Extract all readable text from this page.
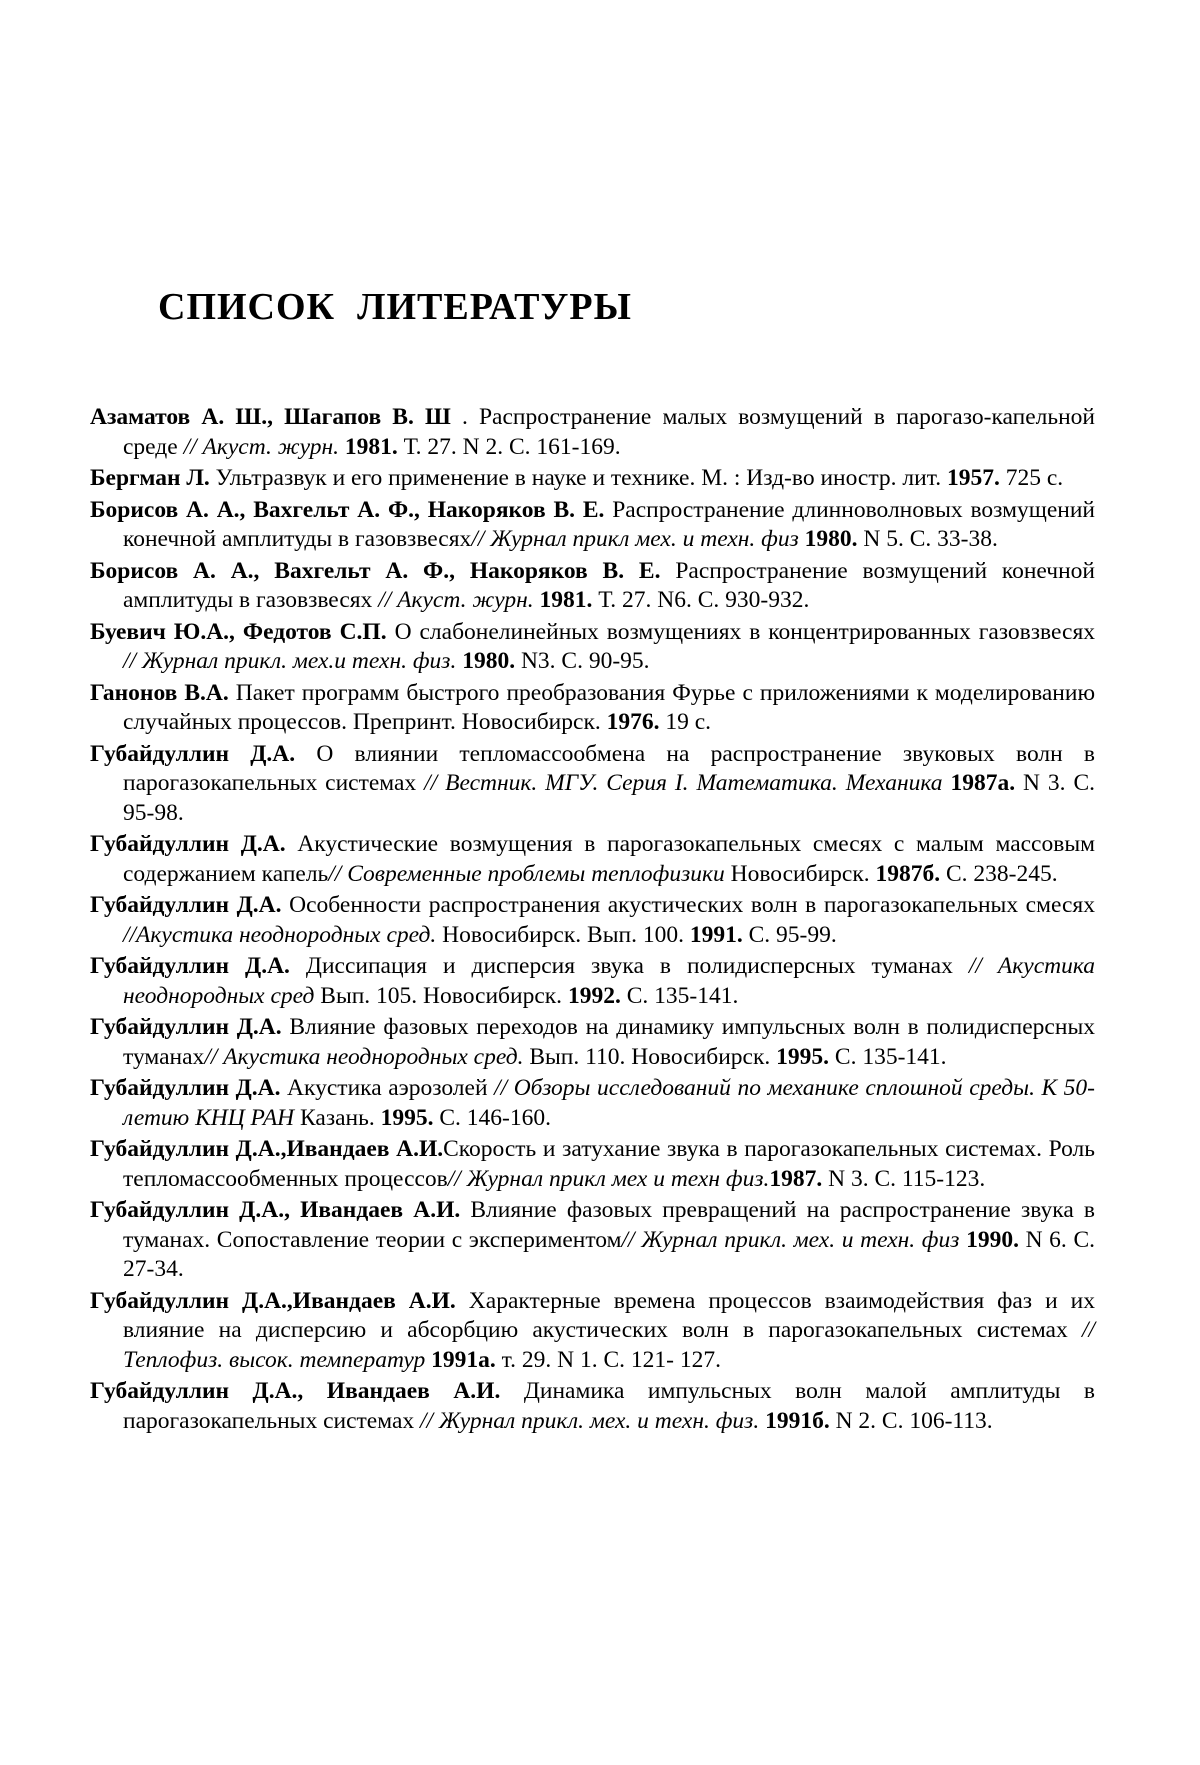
СПИСОК ЛИТЕРАТУРЫ

Азаматов А. Ш., Шагапов В. Ш . Распространение малых возмущений в парогазо-капельной среде // Акуст. журн. 1981. Т. 27. N 2. С. 161-169.

Бергман Л. Ультразвук и его применение в науке и технике. М. : Изд-во иностр. лит. 1957. 725 с.

Борисов А. А., Вахгельт А. Ф., Накоряков В. Е. Распространение длинноволновых возмущений конечной амплитуды в газовзвесях// Журнал прикл мех. и техн. физ 1980. N 5. С. 33-38.

Борисов А. А., Вахгельт А. Ф., Накоряков В. Е. Распространение возмущений конечной амплитуды в газовзвесях // Акуст. журн. 1981. Т. 27. N6. С. 930-932.

Буевич Ю.А., Федотов С.П. О слабонелинейных возмущениях в концентрированных газовзвесях // Журнал прикл. мех.и техн. физ. 1980. N3. С. 90-95.

Ганонов В.А. Пакет программ быстрого преобразования Фурье с приложениями к моделированию случайных процессов. Препринт. Новосибирск. 1976. 19 с.

Губайдуллин Д.А. О влиянии тепломассообмена на распространение звуковых волн в парогазокапельных системах // Вестник. МГУ. Серия I. Математика. Механика 1987а. N 3. С. 95-98.

Губайдуллин Д.А. Акустические возмущения в парогазокапельных смесях с малым массовым содержанием капель// Современные проблемы теплофизики Новосибирск. 1987б. С. 238-245.

Губайдуллин Д.А. Особенности распространения акустических волн в парогазокапельных смесях //Акустика неоднородных сред. Новосибирск. Вып. 100. 1991. С. 95-99.

Губайдуллин Д.А. Диссипация и дисперсия звука в полидисперсных туманах // Акустика неоднородных сред Вып. 105. Новосибирск. 1992. С. 135-141.

Губайдуллин Д.А. Влияние фазовых переходов на динамику импульсных волн в полидисперсных туманах// Акустика неоднородных сред. Вып. 110. Новосибирск. 1995. С. 135-141.

Губайдуллин Д.А. Акустика аэрозолей // Обзоры исследований по механике сплошной среды. К 50-летию КНЦ РАН Казань. 1995. С. 146-160.

Губайдуллин Д.А.,Ивандаев А.И.Скорость и затухание звука в парогазокапельных системах. Роль тепломассообменных процессов// Журнал прикл мех и техн физ.1987. N 3. С. 115-123.

Губайдуллин Д.А., Ивандаев А.И. Влияние фазовых превращений на распространение звука в туманах. Сопоставление теории с экспериментом// Журнал прикл. мех. и техн. физ 1990. N 6. С. 27-34.

Губайдуллин Д.А.,Ивандаев А.И. Характерные времена процессов взаимодействия фаз и их влияние на дисперсию и абсорбцию акустических волн в парогазокапельных системах // Теплофиз. высок. температур 1991а. т. 29. N 1. С. 121- 127.

Губайдуллин Д.А., Ивандаев А.И. Динамика импульсных волн малой амплитуды в парогазокапельных системах // Журнал прикл. мех. и техн. физ. 1991б. N 2. С. 106-113.
